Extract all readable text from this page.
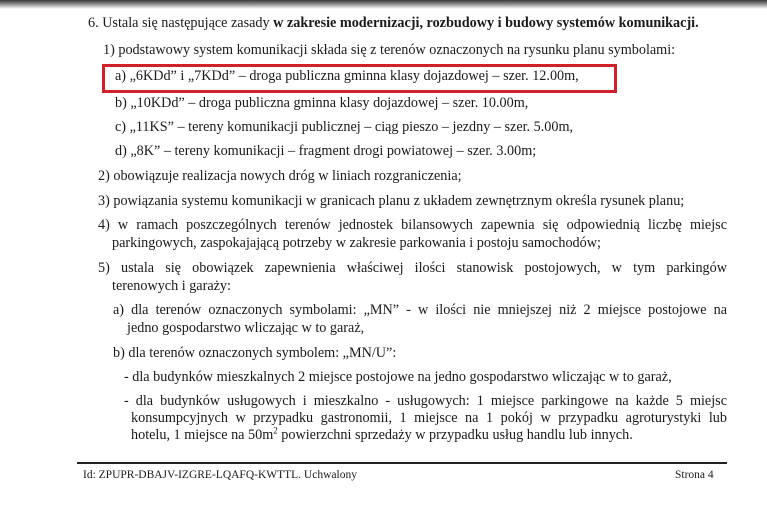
6. Ustala się następujące zasady w zakresie modernizacji, rozbudowy i budowy systemów komunikacji.
1) podstawowy system komunikacji składa się z terenów oznaczonych na rysunku planu symbolami:
a) „6KDd” i „7KDd” – droga publiczna gminna klasy dojazdowej – szer. 12.00m,
b) „10KDd” – droga publiczna gminna klasy dojazdowej – szer. 10.00m,
c) „11KS” – tereny komunikacji publicznej – ciąg pieszo – jezdny – szer. 5.00m,
d) „8K” – tereny komunikacji – fragment drogi powiatowej – szer. 3.00m;
2) obowiązuje realizacja nowych dróg w liniach rozgraniczenia;
3) powiązania systemu komunikacji w granicach planu z układem zewnętrznym określa rysunek planu;
4) w ramach poszczególnych terenów jednostek bilansowych zapewnia się odpowiednią liczbę miejsc
parkingowych, zaspokajającą potrzeby w zakresie parkowania i postoju samochodów;
5) ustala się obowiązek zapewnienia właściwej ilości stanowisk postojowych, w tym parkingów
terenowych i garaży:
a) dla terenów oznaczonych symbolami: „MN” - w ilości nie mniejszej niż 2 miejsce postojowe na
jedno gospodarstwo wliczając w to garaż,
b) dla terenów oznaczonych symbolem: „MN/U”:
- dla budynków mieszkalnych 2 miejsce postojowe na jedno gospodarstwo wliczając w to garaż,
- dla budynków usługowych i mieszkalno - usługowych: 1 miejsce parkingowe na każde 5 miejsc
konsumpcyjnych w przypadku gastronomii, 1 miejsce na 1 pokój w przypadku agroturystyki lub
hotelu, 1 miejsce na $50m^2$ powierzchni sprzedaży w przypadku usług handlu lub innych.
Id: ZPUPR-DBAJV-IZGRE-LQAFQ-KWTTL. Uchwalony	Strona 4
